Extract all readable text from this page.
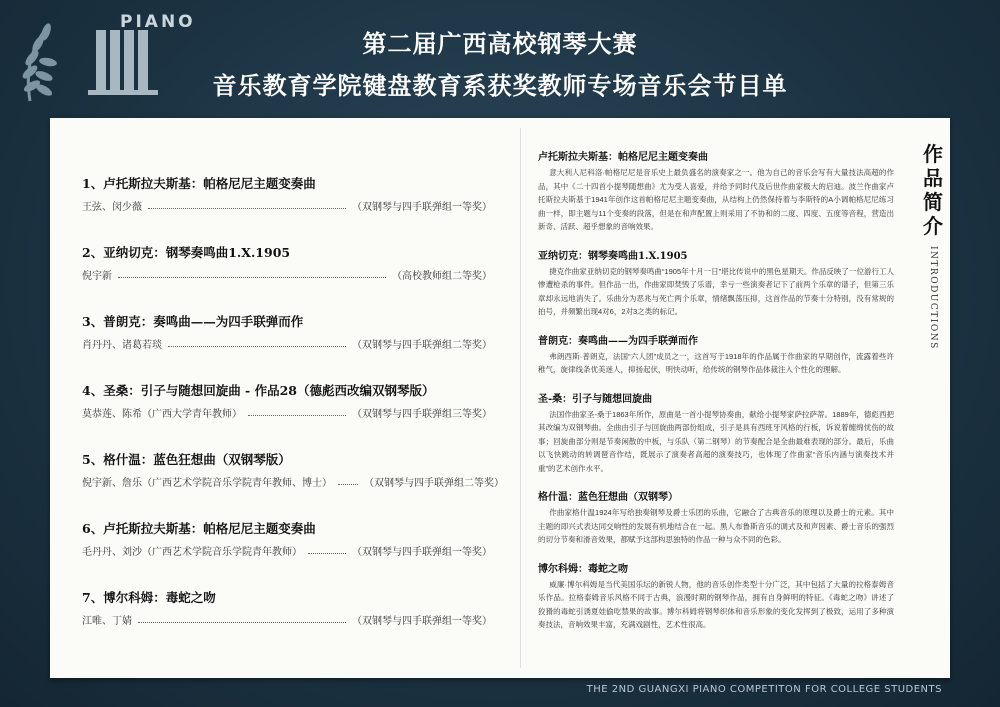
PIANO
第二届广西高校钢琴大赛
音乐教育学院键盘教育系获奖教师专场音乐会节目单
1、卢托斯拉夫斯基：帕格尼尼主题变奏曲
王弦、闵少薇	（双钢琴与四手联弹组一等奖）
2、亚纳切克：钢琴奏鸣曲1.X.1905
倪宇新	（高校教师组二等奖）
3、普朗克：奏鸣曲——为四手联弹而作
肖丹丹、诸葛若琰	（双钢琴与四手联弹组二等奖）
4、圣桑：引子与随想回旋曲 - 作品28（德彪西改编双钢琴版）
莫恭莲、陈希（广西大学青年教师）	（双钢琴与四手联弹组三等奖）
5、格什温：蓝色狂想曲（双钢琴版）
倪宇新、詹乐（广西艺术学院音乐学院青年教师、博士）	（双钢琴与四手联弹组二等奖）
6、卢托斯拉夫斯基：帕格尼尼主题变奏曲
毛丹丹、刘沙（广西艺术学院音乐学院青年教师）	（双钢琴与四手联弹组一等奖）
7、博尔科姆：毒蛇之吻
江唯、丁婧	（双钢琴与四手联弹组一等奖）
卢托斯拉夫斯基：帕格尼尼主题变奏曲
意大利人尼科洛·帕格尼尼是音乐史上最负盛名的演奏家之一。他为自己的音乐会写有大量技法高超的作品，其中《二十四首小提琴随想曲》尤为受人喜爱，并给予同时代及后世作曲家极大的启迪。波兰作曲家卢托斯拉夫斯基于1941年创作这首帕格尼尼主题变奏曲，从结构上仍然保持着与李斯特的A小调帕格尼尼练习曲一样，即主题与11个变奏的段落，但是在和声配置上则采用了不协和的二度、四度、五度等音程，营造出新奇、活跃、超乎想象的音响效果。
亚纳切克：钢琴奏鸣曲1.X.1905
捷克作曲家亚纳切克的钢琴奏鸣曲“1905年十月一日”堪比传说中的黑色星期天。作品反映了一位游行工人惨遭枪杀的事件。但作品一出，作曲家即焚毁了乐谱，幸亏一些演奏者记下了前两个乐章的谱子，但第三乐章却永远地消失了。乐曲分为恶兆与死亡两个乐章，情绪飘荡压抑，这首作品的节奏十分特别，没有常规的拍号，并频繁出现4对6，2对3之类的标记。
普朗克：奏鸣曲——为四手联弹而作
弗朗西斯·普朗克，法国“六人团”成员之一，这首写于1918年的作品属于作曲家的早期创作，流露着些许稚气，旋律线条优美迷人，抑扬起伏，明快动听，给传统的钢琴作品体裁注入个性化的理解。
圣-桑：引子与随想回旋曲
法国作曲家圣-桑于1863年所作，原曲是一首小提琴协奏曲，献给小提琴家萨拉萨蒂。1889年，德彪西把其改编为双钢琴曲。全曲由引子与回旋曲两部份组成，引子是具有西班牙风格的行板，诉说着缠绵忧伤的故事；回旋曲部分则是节奏闲散的中板，与乐队（第二钢琴）的节奏配合是全曲最难表现的部分。最后，乐曲以飞快跳动的转调琶音作结，既展示了演奏者高超的演奏技巧，也体现了作曲家“音乐内涵与演奏技术并重”的艺术创作水平。
格什温：蓝色狂想曲（双钢琴）
作曲家格什温1924年写给独奏钢琴及爵士乐团的乐曲，它融合了古典音乐的原理以及爵士的元素。其中主题的即兴式表达同交响性的发展有机地结合在一起。黑人布鲁斯音乐的调式及和声因素、爵士音乐的强烈的切分节奏和滑音效果，都赋予这部构思独特的作品一种与众不同的色彩。
博尔科姆：毒蛇之吻
威廉·博尔科姆是当代美国乐坛的新锐人物，他的音乐创作类型十分广泛，其中包括了大量的拉格泰姆音乐作品。拉格泰姆音乐风格不同于古典，浪漫时期的钢琴作品，拥有自身鲜明的特征。《毒蛇之吻》讲述了狡猾的毒蛇引诱夏娃偷吃禁果的故事。博尔科姆将钢琴织体和音乐形象的变化发挥到了极致，运用了多种演奏技法，音响效果丰富，充满戏剧性，艺术性很高。
作
品
简
介
INTRODUCTIONS
THE 2ND GUANGXI PIANO COMPETITON FOR COLLEGE STUDENTS
